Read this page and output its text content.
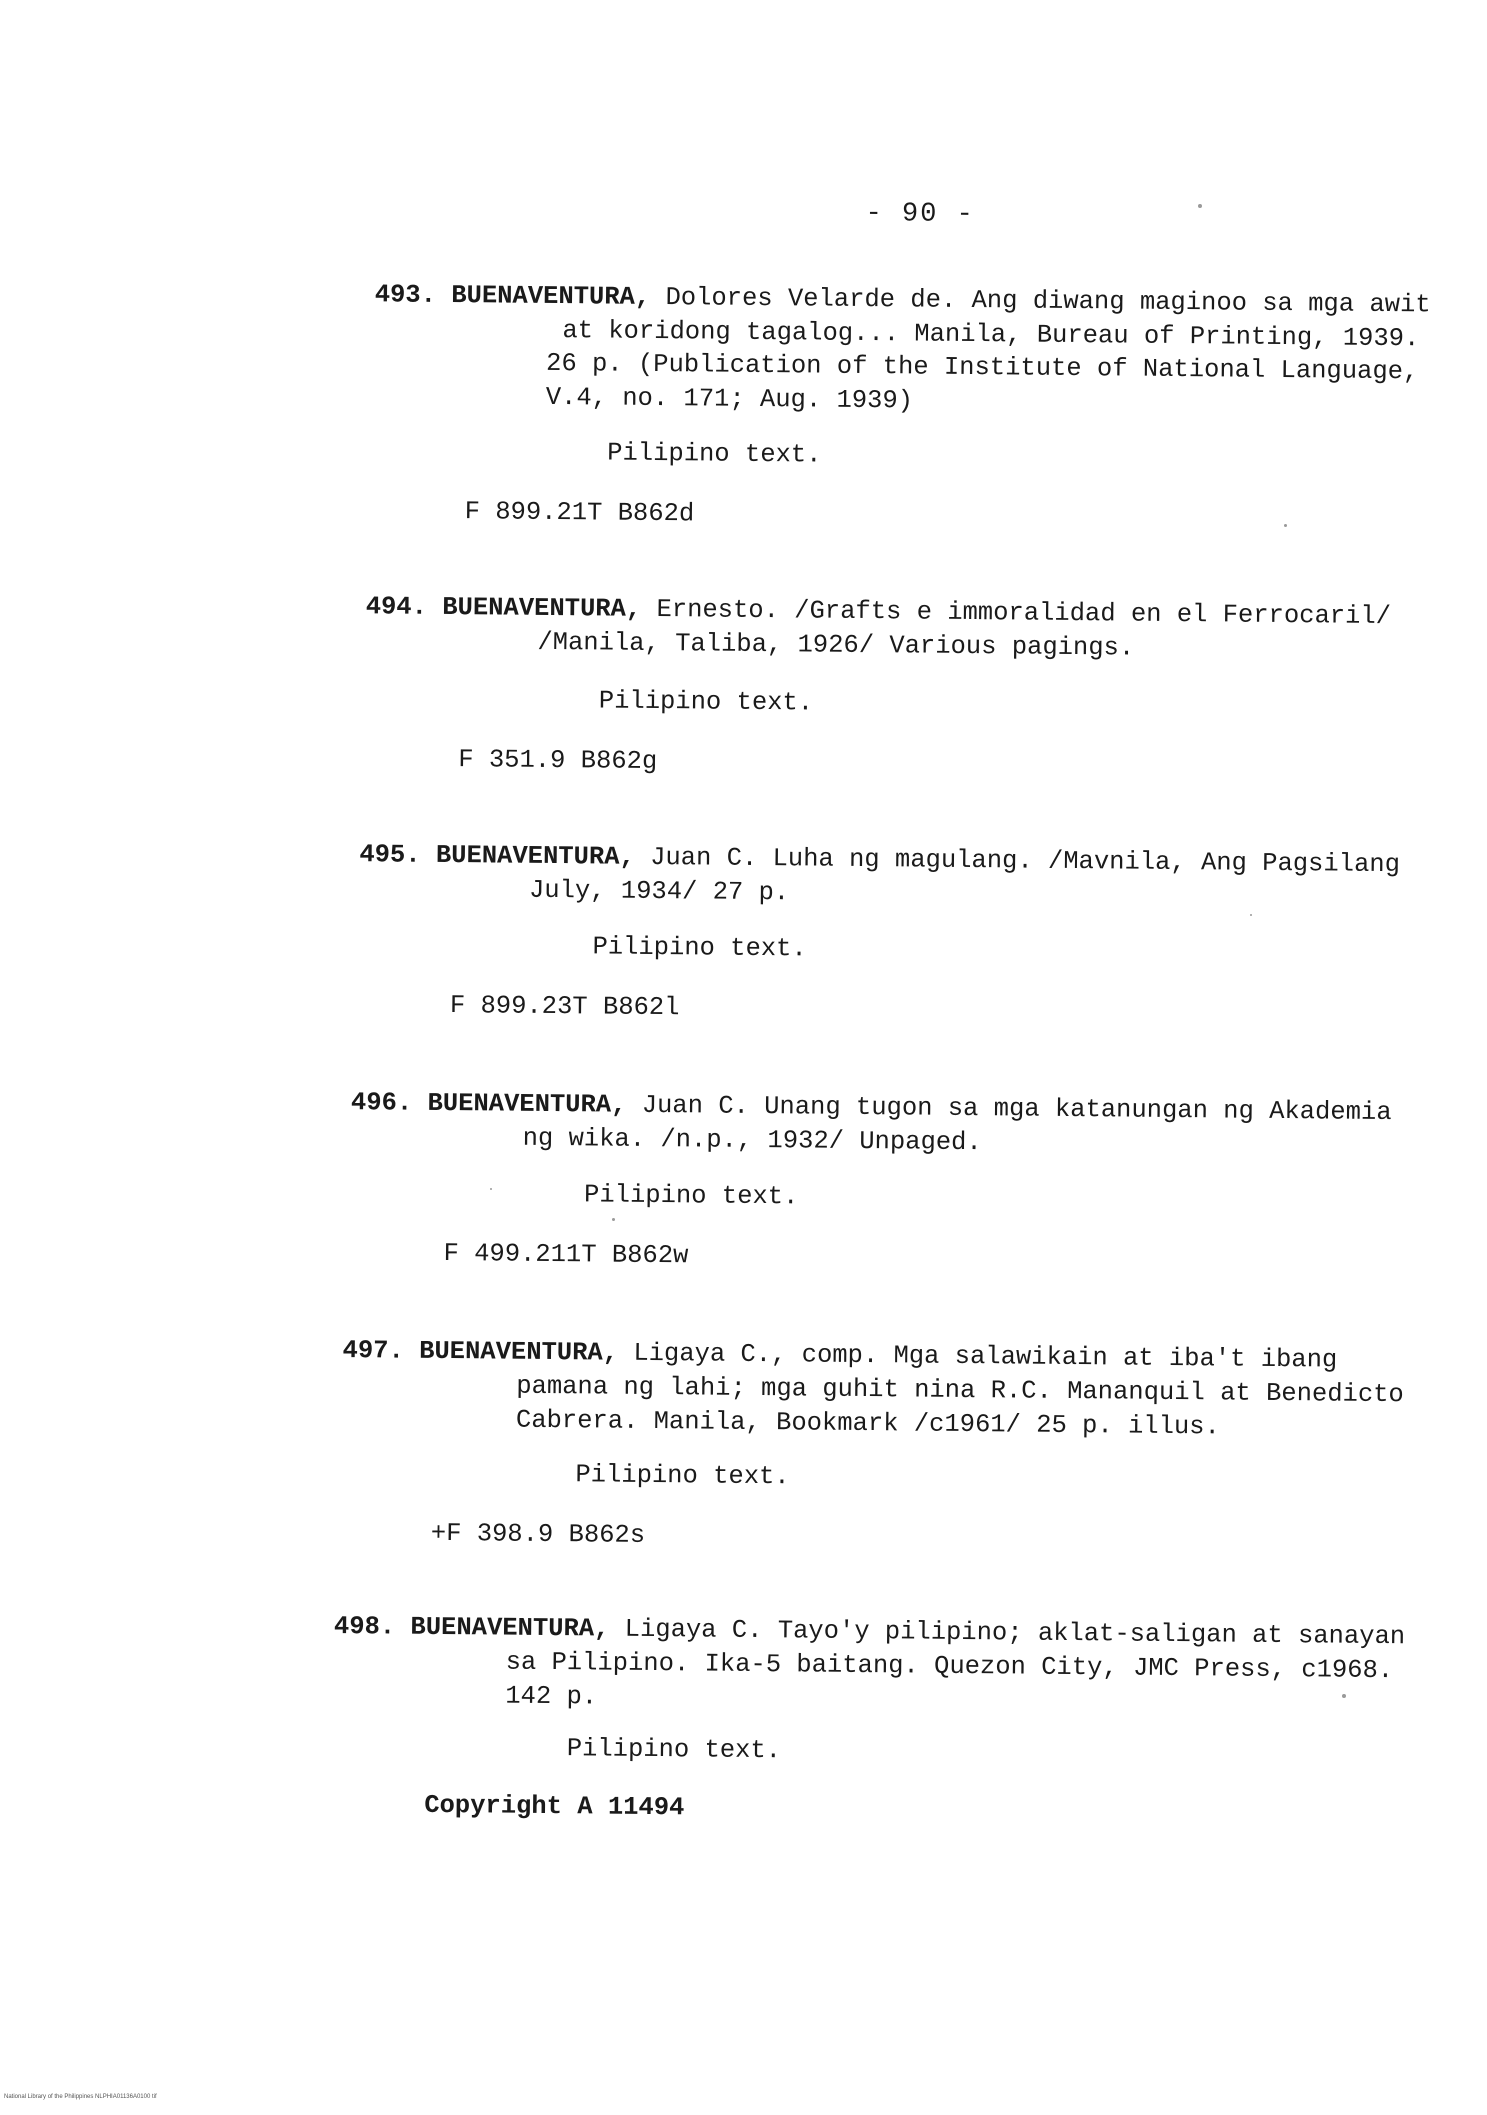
- 90 -
493. BUENAVENTURA, Dolores Velarde de. Ang diwang maginoo sa mga awit
at koridong tagalog... Manila, Bureau of Printing, 1939.
26 p. (Publication of the Institute of National Language,
V.4, no. 171; Aug. 1939)
Pilipino text.
F 899.21T B862d
494. BUENAVENTURA, Ernesto. /Grafts e immoralidad en el Ferrocaril/
/Manila, Taliba, 1926/ Various pagings.
Pilipino text.
F 351.9 B862g
495. BUENAVENTURA, Juan C. Luha ng magulang. /Mavnila, Ang Pagsilang
July, 1934/ 27 p.
Pilipino text.
F 899.23T B862l
496. BUENAVENTURA, Juan C. Unang tugon sa mga katanungan ng Akademia
ng wika. /n.p., 1932/ Unpaged.
Pilipino text.
F 499.211T B862w
497. BUENAVENTURA, Ligaya C., comp. Mga salawikain at iba't ibang
pamana ng lahi; mga guhit nina R.C. Mananquil at Benedicto
Cabrera. Manila, Bookmark /c1961/ 25 p. illus.
Pilipino text.
+F 398.9 B862s
498. BUENAVENTURA, Ligaya C. Tayo'y pilipino; aklat-saligan at sanayan
sa Pilipino. Ika-5 baitang. Quezon City, JMC Press, c1968.
142 p.
Pilipino text.
Copyright A 11494
National Library of the Philippines NLPHIA01136A0100 tif
